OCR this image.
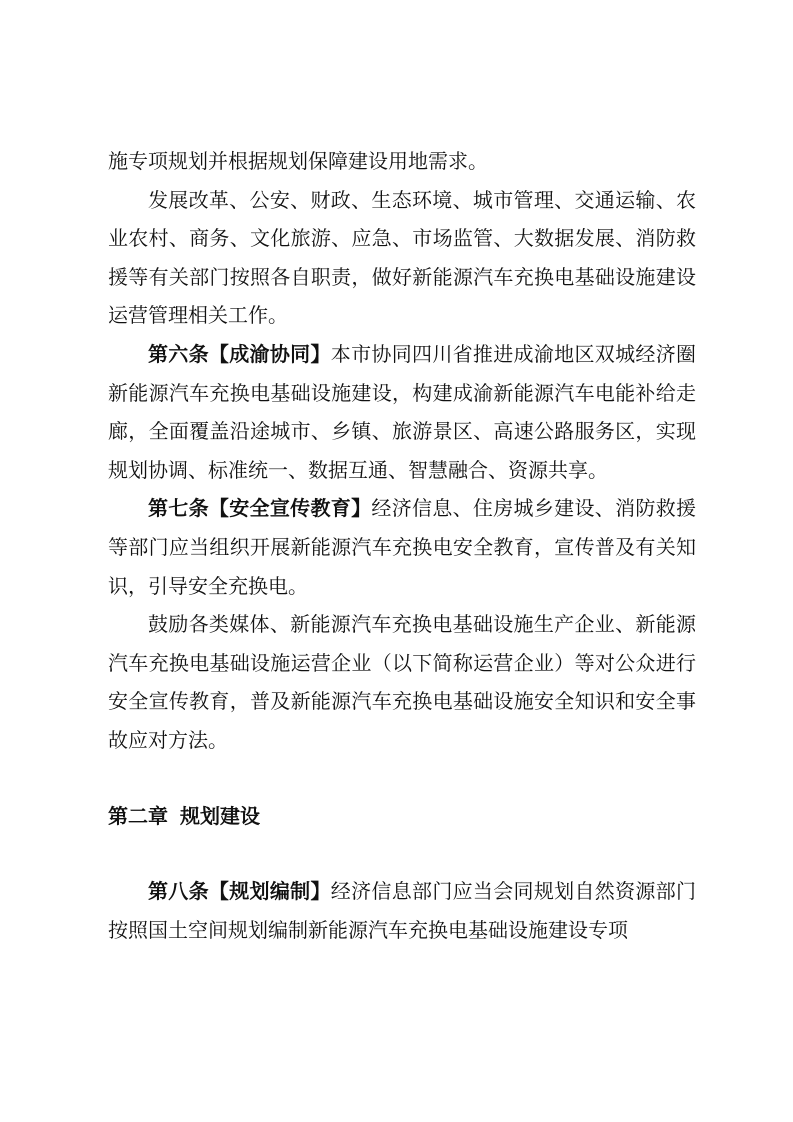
施专项规划并根据规划保障建设用地需求。

发展改革、公安、财政、生态环境、城市管理、交通运输、农业农村、商务、文化旅游、应急、市场监管、大数据发展、消防救援等有关部门按照各自职责，做好新能源汽车充换电基础设施建设运营管理相关工作。

第六条【成渝协同】本市协同四川省推进成渝地区双城经济圈新能源汽车充换电基础设施建设，构建成渝新能源汽车电能补给走廊，全面覆盖沿途城市、乡镇、旅游景区、高速公路服务区，实现规划协调、标准统一、数据互通、智慧融合、资源共享。

第七条【安全宣传教育】经济信息、住房城乡建设、消防救援等部门应当组织开展新能源汽车充换电安全教育，宣传普及有关知识，引导安全充换电。

鼓励各类媒体、新能源汽车充换电基础设施生产企业、新能源汽车充换电基础设施运营企业（以下简称运营企业）等对公众进行安全宣传教育，普及新能源汽车充换电基础设施安全知识和安全事故应对方法。

第二章 规划建设

第八条【规划编制】经济信息部门应当会同规划自然资源部门按照国土空间规划编制新能源汽车充换电基础设施建设专项
